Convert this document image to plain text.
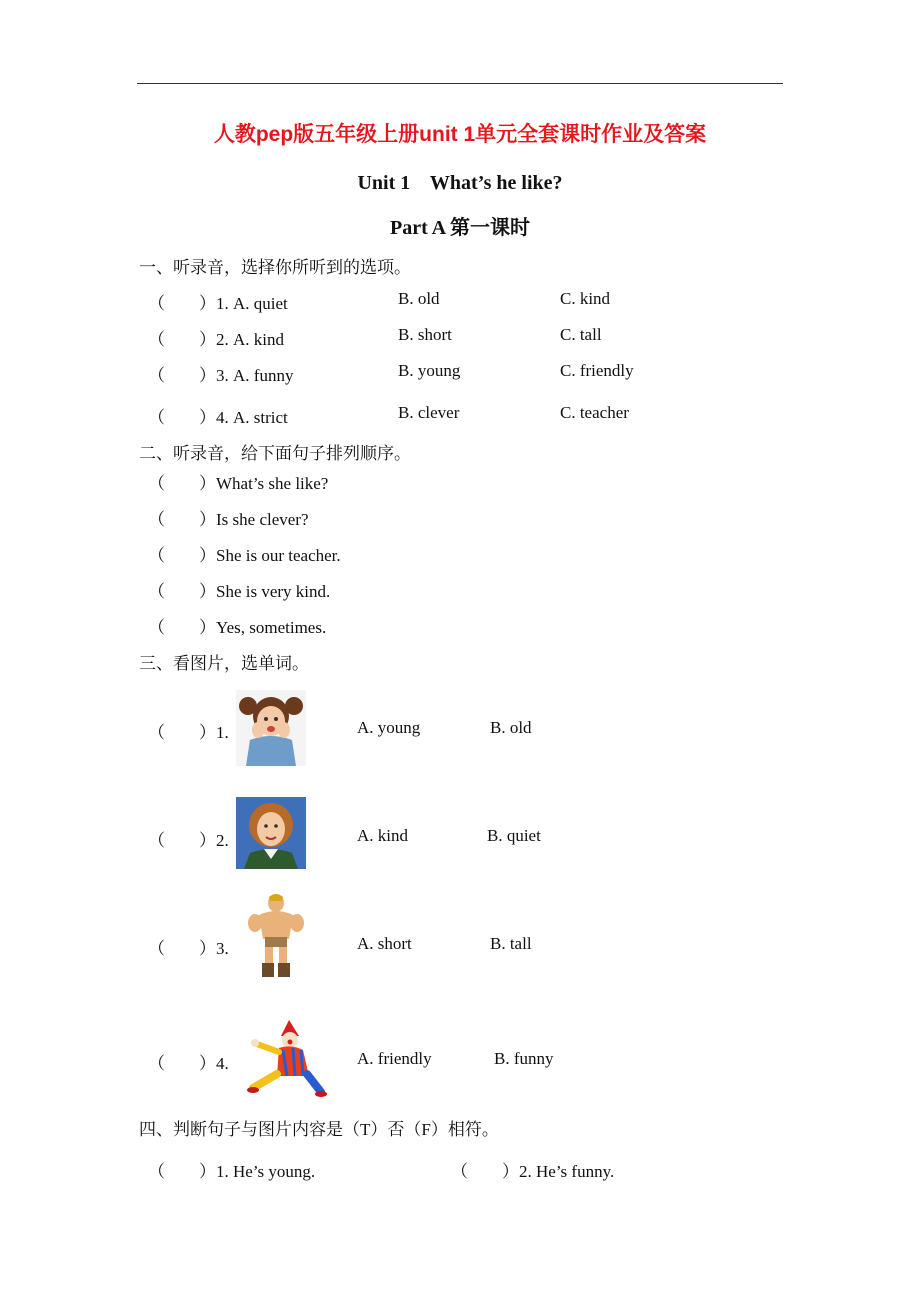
人教pep版五年级上册unit 1单元全套课时作业及答案
Unit 1    What’s he like?
Part A 第一课时
一、听录音，选择你所听到的选项。
（ ）1. A. quiet	B. old	C. kind
（ ）2. A. kind	B. short	C. tall
（ ）3. A. funny	B. young	C. friendly
（ ）4. A. strict	B. clever	C. teacher
二、听录音，给下面句子排列顺序。
（ ）What’s she like?
（ ）Is she clever?
（ ）She is our teacher.
（ ）She is very kind.
（ ）Yes, sometimes.
三、看图片，选单词。
（ ）1.	A. young	B. old
（ ）2.	A. kind	B. quiet
（ ）3.	A. short	B. tall
（ ）4.	A. friendly	B. funny
四、判断句子与图片内容是（T）否（F）相符。
（ ）1. He’s young.	（ ）2. He’s funny.
